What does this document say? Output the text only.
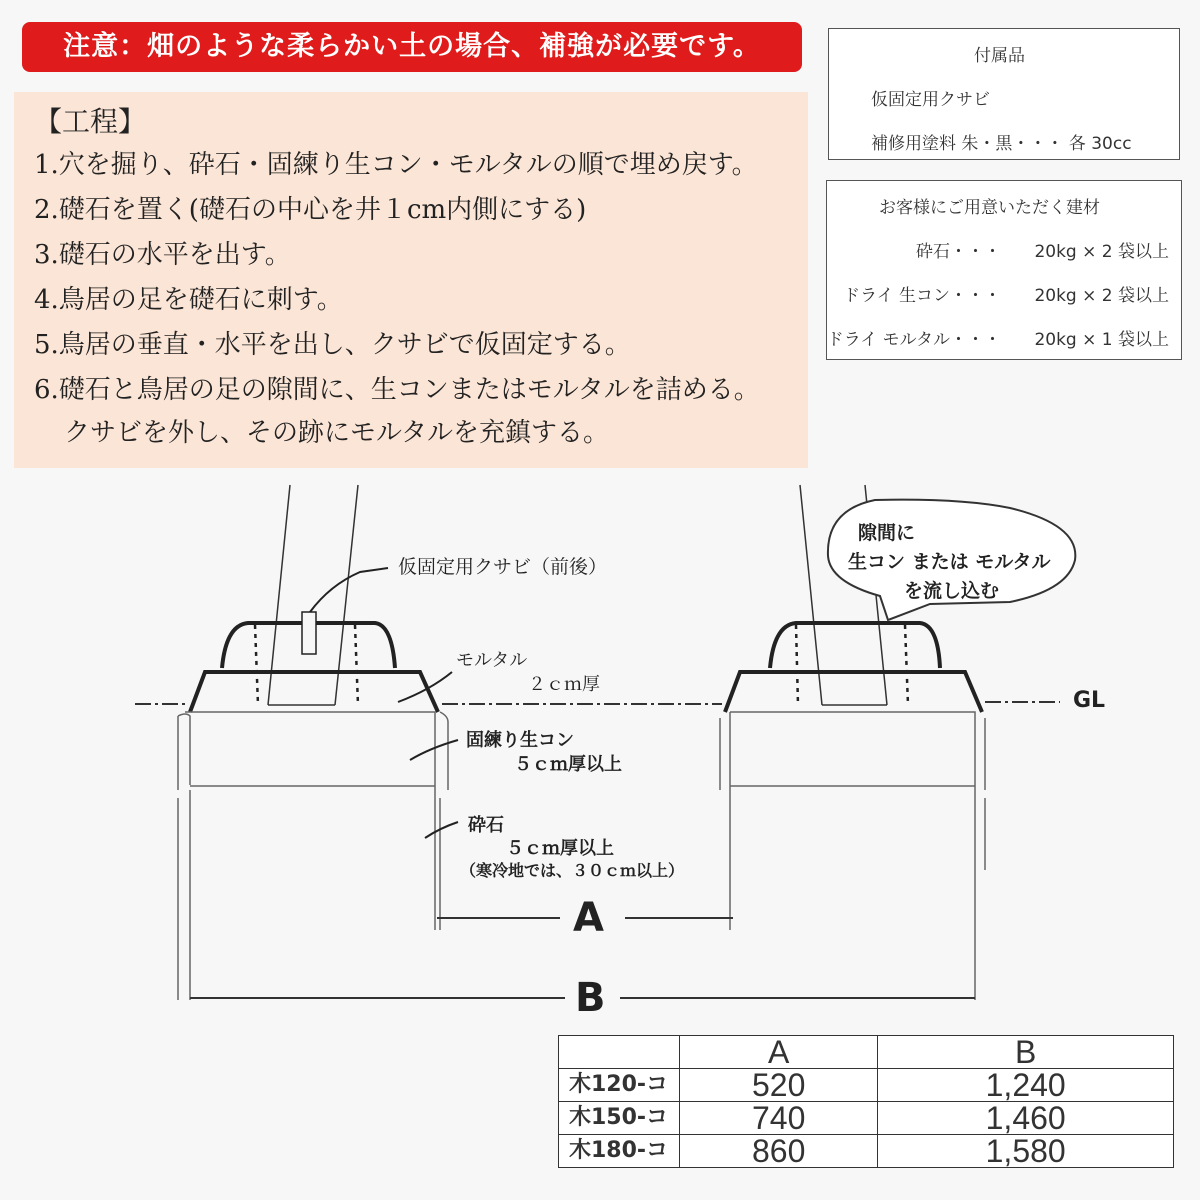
注意：畑のような柔らかい土の場合、補強が必要です。
【工程】
1.穴を掘り、砕石・固練り生コン・モルタルの順で埋め戻す。
2.礎石を置く(礎石の中心を井１cm内側にする)
3.礎石の水平を出す。
4.鳥居の足を礎石に刺す。
5.鳥居の垂直・水平を出し、クサビで仮固定する。
6.礎石と鳥居の足の隙間に、生コンまたはモルタルを詰める。
クサビを外し、その跡にモルタルを充鎮する。
付属品
仮固定用クサビ
補修用塗料 朱・黒・・・ 各 30cc
お客様にご用意いただく建材
砕石・・・ 20kg × 2 袋以上
ドライ 生コン・・・ 20kg × 2 袋以上
ドライ モルタル・・・ 20kg × 1 袋以上
仮固定用クサビ（前後）
隙間に
生コン または モルタル
を流し込む
モルタル
２ｃｍ厚
GL
固練り生コン
５ｃｍ厚以上
砕石
５ｃｍ厚以上
（寒冷地では、３０ｃｍ以上）
A
B
	A	B
木120-コ	520	1,240
木150-コ	740	1,460
木180-コ	860	1,580
